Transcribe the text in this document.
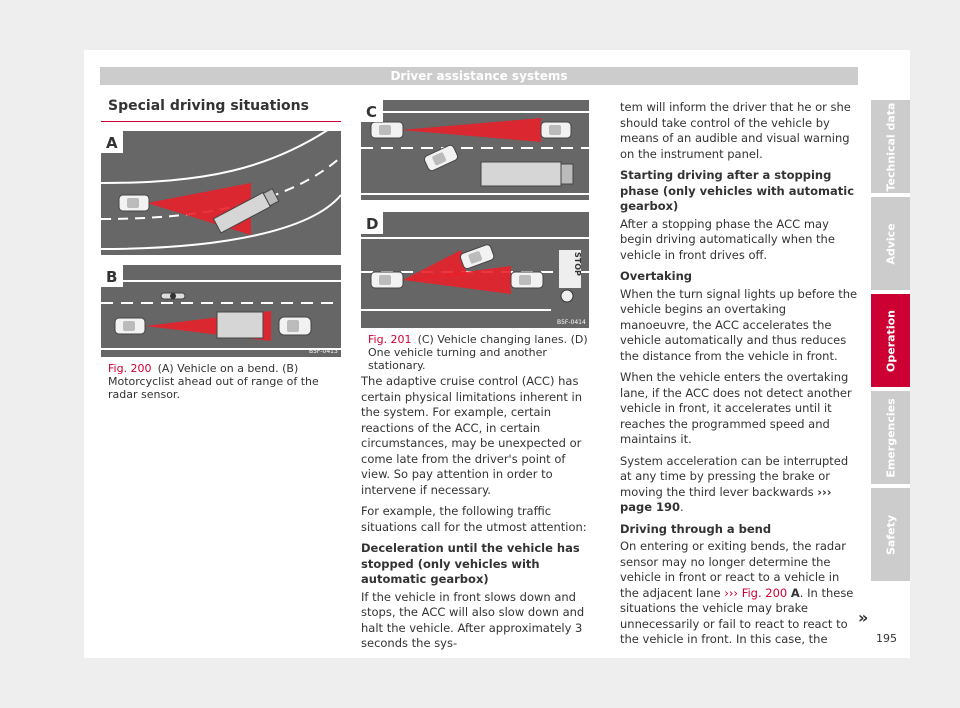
Driver assistance systems
Special driving situations
A
B
B5F-0413
Fig. 200 (A) Vehicle on a bend. (B) Motorcyclist ahead out of range of the radar sensor.
STOP
C
D
B5F-0414
Fig. 201 (C) Vehicle changing lanes. (D) One vehicle turning and another stationary.

The adaptive cruise control (ACC) has certain physical limitations inherent in the system. For example, certain reactions of the ACC, in certain circumstances, may be unexpected or come late from the driver's point of view. So pay attention in order to intervene if necessary.

For example, the following traffic situations call for the utmost attention:

Deceleration until the vehicle has stopped (only vehicles with automatic gearbox)

If the vehicle in front slows down and stops, the ACC will also slow down and halt the vehicle. After approximately 3 seconds the sys-

tem will inform the driver that he or she should take control of the vehicle by means of an audible and visual warning on the instrument panel.

Starting driving after a stopping phase (only vehicles with automatic gearbox)

After a stopping phase the ACC may begin driving automatically when the vehicle in front drives off.

Overtaking

When the turn signal lights up before the vehicle begins an overtaking manoeuvre, the ACC accelerates the vehicle automatically and thus reduces the distance from the vehicle in front.

When the vehicle enters the overtaking lane, if the ACC does not detect another vehicle in front, it accelerates until it reaches the programmed speed and maintains it.

System acceleration can be interrupted at any time by pressing the brake or moving the third lever backwards ››› page 190.

Driving through a bend

On entering or exiting bends, the radar sensor may no longer determine the vehicle in front or react to a vehicle in the adjacent lane ››› Fig. 200 A. In these situations the vehicle may brake unnecessarily or fail to react to react to the vehicle in front. In this case, the

»
195
Technical data
Advice
Operation
Emergencies
Safety
